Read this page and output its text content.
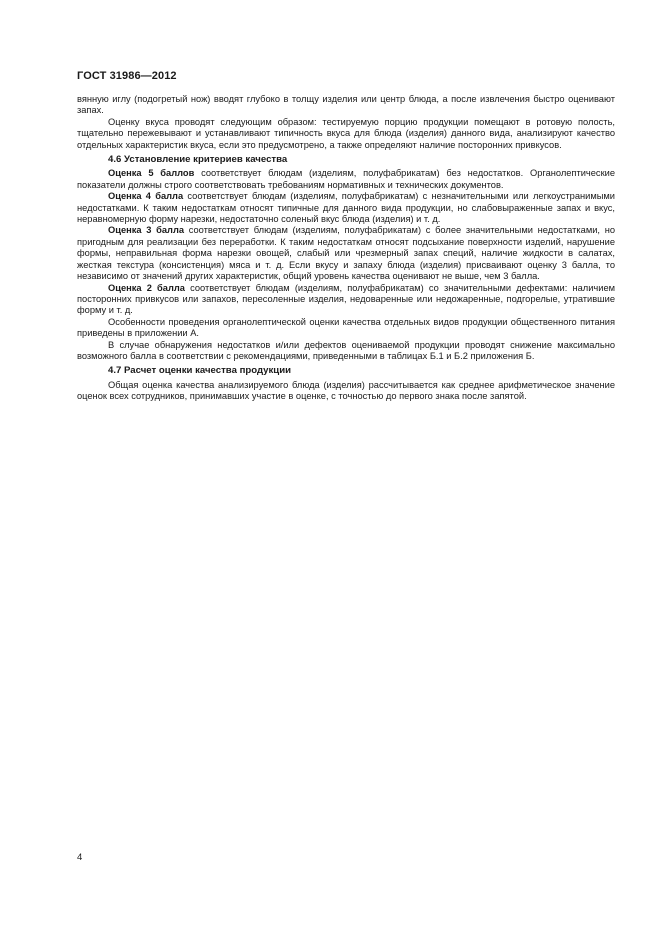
ГОСТ 31986—2012

вянную иглу (подогретый нож) вводят глубоко в толщу изделия или центр блюда, а после извлечения быстро оценивают запах.

Оценку вкуса проводят следующим образом: тестируемую порцию продукции помещают в ротовую полость, тщательно пережевывают и устанавливают типичность вкуса для блюда (изделия) данного вида, анализируют качество отдельных характеристик вкуса, если это предусмотрено, а также определяют наличие посторонних привкусов.

4.6 Установление критериев качества

Оценка 5 баллов соответствует блюдам (изделиям, полуфабрикатам) без недостатков. Органолептические показатели должны строго соответствовать требованиям нормативных и технических документов.

Оценка 4 балла соответствует блюдам (изделиям, полуфабрикатам) с незначительными или легкоустранимыми недостатками. К таким недостаткам относят типичные для данного вида продукции, но слабовыраженные запах и вкус, неравномерную форму нарезки, недостаточно соленый вкус блюда (изделия) и т. д.

Оценка 3 балла соответствует блюдам (изделиям, полуфабрикатам) с более значительными недостатками, но пригодным для реализации без переработки. К таким недостаткам относят подсыхание поверхности изделий, нарушение формы, неправильная форма нарезки овощей, слабый или чрезмерный запах специй, наличие жидкости в салатах, жесткая текстура (консистенция) мяса и т. д. Если вкусу и запаху блюда (изделия) присваивают оценку 3 балла, то независимо от значений других характеристик, общий уровень качества оценивают не выше, чем 3 балла.

Оценка 2 балла соответствует блюдам (изделиям, полуфабрикатам) со значительными дефектами: наличием посторонних привкусов или запахов, пересоленные изделия, недоваренные или недожаренные, подгорелые, утратившие форму и т. д.

Особенности проведения органолептической оценки качества отдельных видов продукции общественного питания приведены в приложении А.

В случае обнаружения недостатков и/или дефектов оцениваемой продукции проводят снижение максимально возможного балла в соответствии с рекомендациями, приведенными в таблицах Б.1 и Б.2 приложения Б.

4.7 Расчет оценки качества продукции

Общая оценка качества анализируемого блюда (изделия) рассчитывается как среднее арифметическое значение оценок всех сотрудников, принимавших участие в оценке, с точностью до первого знака после запятой.

4
